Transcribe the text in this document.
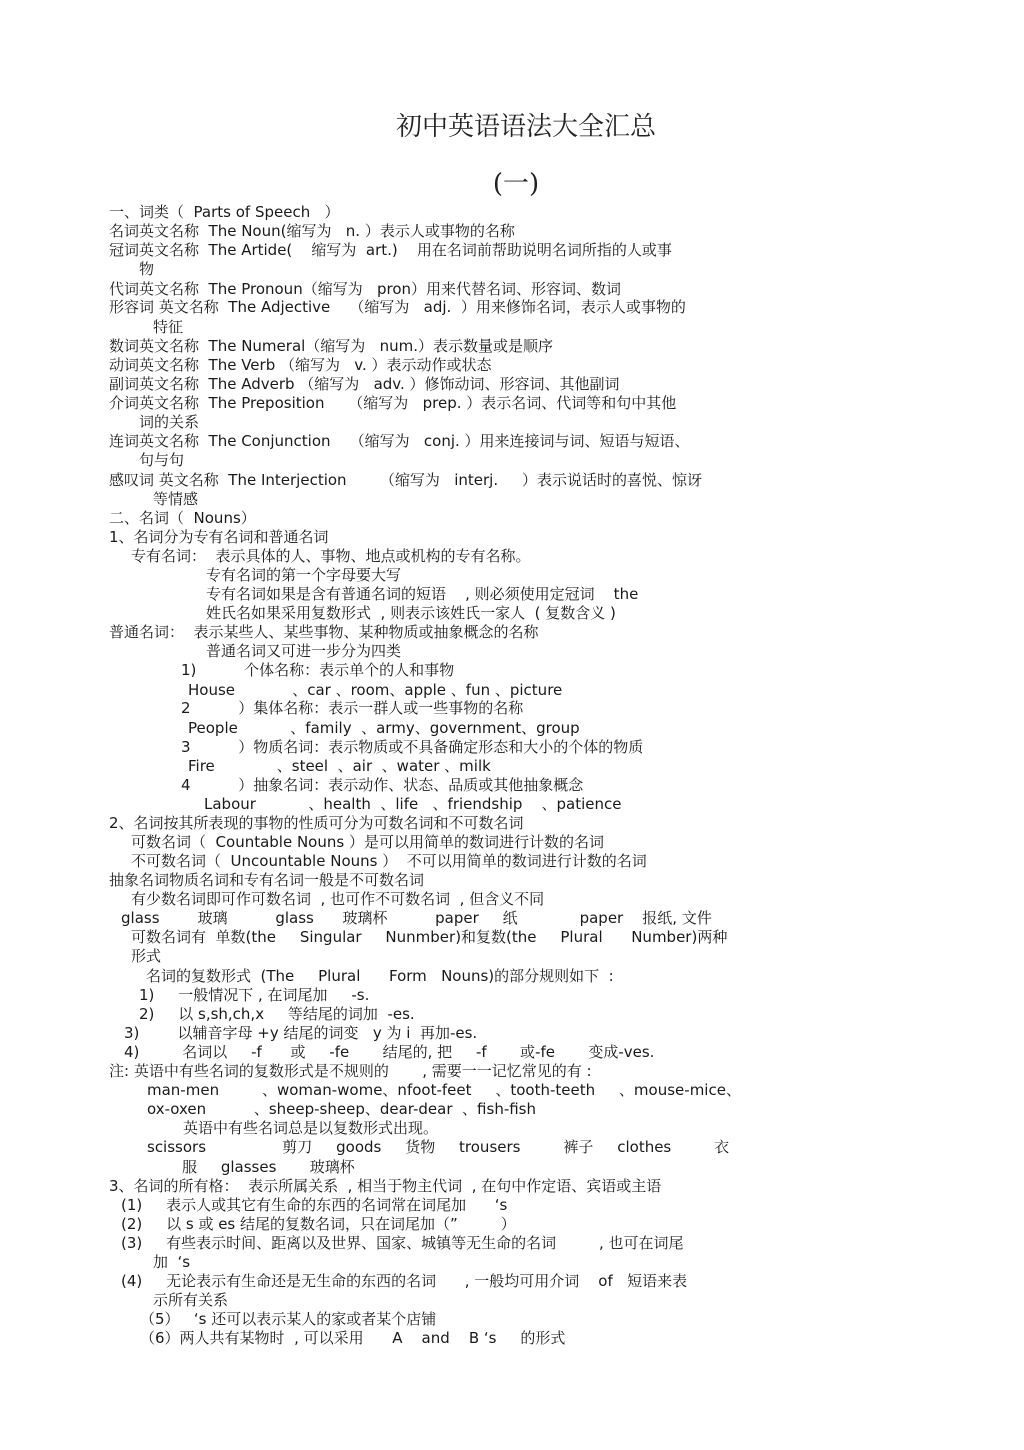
初中英语语法大全汇总
(一)
一、词类（  Parts of Speech   ）
名词英文名称  The Noun(缩写为   n. ）表示人或事物的名称
冠词英文名称  The Artide(    缩写为  art.)    用在名词前帮助说明名词所指的人或事
物
代词英文名称  The Pronoun（缩写为   pron）用来代替名词、形容词、数词
形容词 英文名称  The Adjective    （缩写为   adj.  ）用来修饰名词，表示人或事物的
特征
数词英文名称  The Numeral（缩写为   num.）表示数量或是顺序
动词英文名称  The Verb （缩写为   v. ）表示动作或状态
副词英文名称  The Adverb （缩写为   adv. ）修饰动词、形容词、其他副词
介词英文名称  The Preposition     （缩写为   prep. ）表示名词、代词等和句中其他
词的关系
连词英文名称  The Conjunction    （缩写为   conj. ）用来连接词与词、短语与短语、
句与句
感叹词 英文名称  The Interjection       （缩写为   interj.     ）表示说话时的喜悦、惊讶
等情感
二、名词（  Nouns）
1、名词分为专有名词和普通名词
专有名词：  表示具体的人、事物、地点或机构的专有名称。
专有名词的第一个字母要大写
专有名词如果是含有普通名词的短语    , 则必须使用定冠词    the
姓氏名如果采用复数形式  , 则表示该姓氏一家人  ( 复数含义 )
普通名词：  表示某些人、某些事物、某种物质或抽象概念的名称
普通名词又可进一步分为四类
1)          个体名称：表示单个的人和事物
House            、car 、room、apple 、fun 、picture
2          ）集体名称：表示一群人或一些事物的名称
People           、family  、army、government、group
3          ）物质名词：表示物质或不具备确定形态和大小的个体的物质
Fire             、steel  、air  、water 、milk
4          ）抽象名词：表示动作、状态、品质或其他抽象概念
Labour           、health  、life   、friendship    、patience
2、名词按其所表现的事物的性质可分为可数名词和不可数名词
可数名词（  Countable Nouns ）是可以用简单的数词进行计数的名词
不可数名词（  Uncountable Nouns ）  不可以用简单的数词进行计数的名词
抽象名词物质名词和专有名词一般是不可数名词
有少数名词即可作可数名词  , 也可作不可数名词  , 但含义不同
glass        玻璃          glass      玻璃杯          paper     纸             paper    报纸, 文件
可数名词有  单数(the     Singular     Nunmber)和复数(the     Plural      Number)两种
形式
名词的复数形式  (The     Plural      Form   Nouns)的部分规则如下  :
1)     一般情况下 , 在词尾加     -s.
2)     以 s,sh,ch,x     等结尾的词加  -es.
3)        以辅音字母 +y 结尾的词变   y 为 i  再加-es.
4)         名词以     -f      或     -fe       结尾的, 把     -f       或-fe       变成-ves.
注: 英语中有些名词的复数形式是不规则的       , 需要一一记忆常见的有 :
man-men         、woman-wome、nfoot-feet     、tooth-teeth     、mouse-mice、
ox-oxen          、sheep-sheep、dear-dear  、fish-fish
英语中有些名词总是以复数形式出现。
scissors                剪刀     goods     货物     trousers         裤子     clothes         衣
服     glasses       玻璃杯
3、名词的所有格：  表示所属关系  , 相当于物主代词  , 在句中作定语、宾语或主语
(1)     表示人或其它有生命的东西的名词常在词尾加      ‘s
(2)     以 s 或 es 结尾的复数名词，只在词尾加（”         ）
(3)     有些表示时间、距离以及世界、国家、城镇等无生命的名词         , 也可在词尾
加  ‘s
(4)     无论表示有生命还是无生命的东西的名词      , 一般均可用介词    of   短语来表
示所有关系
（5）   ‘s 还可以表示某人的家或者某个店铺
（6）两人共有某物时  , 可以采用      A    and    B ‘s     的形式
